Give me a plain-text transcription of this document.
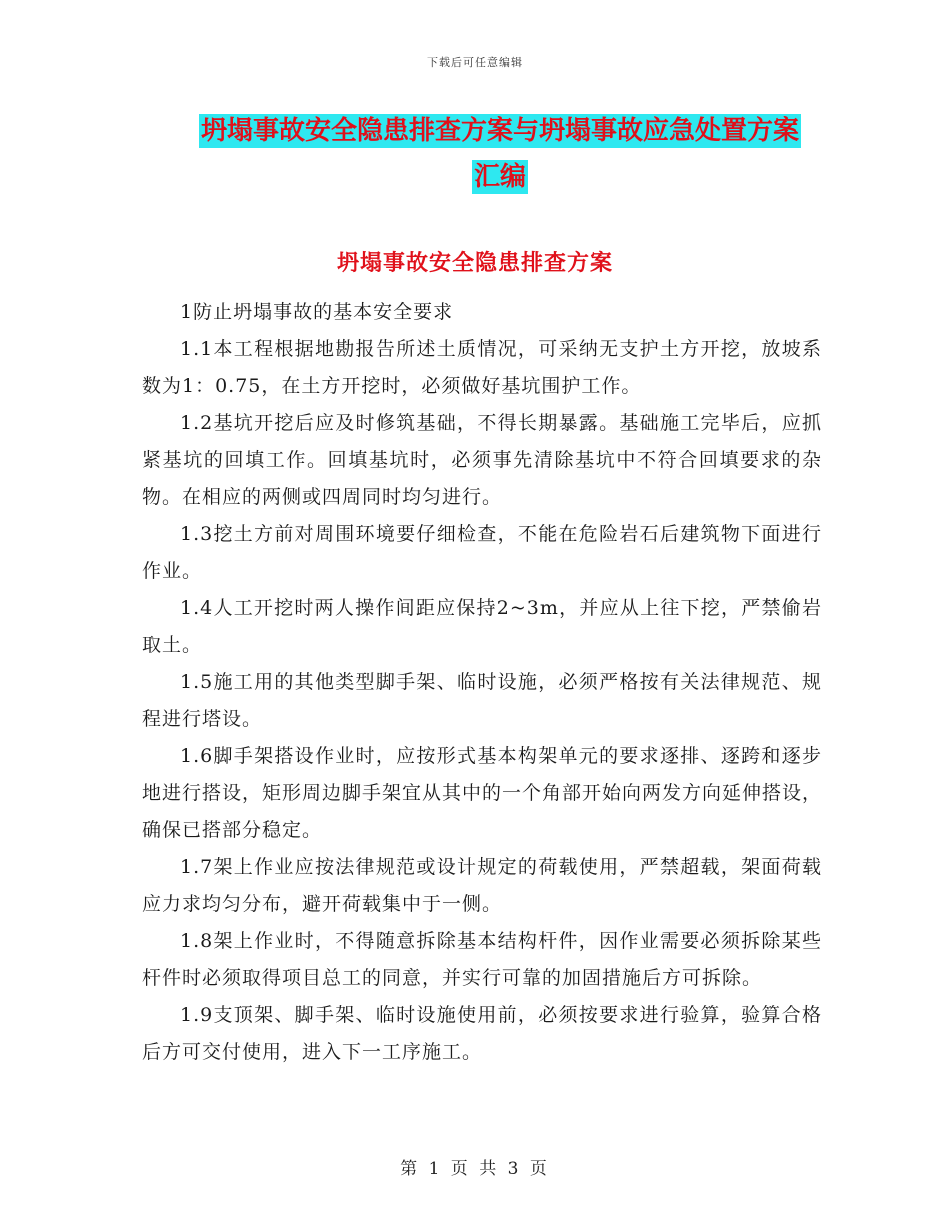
下载后可任意编辑
坍塌事故安全隐患排查方案与坍塌事故应急处置方案
汇编
坍塌事故安全隐患排查方案

1防止坍塌事故的基本安全要求

1.1本工程根据地勘报告所述土质情况，可采纳无支护土方开挖，放坡系数为1：0.75，在土方开挖时，必须做好基坑围护工作。

1.2基坑开挖后应及时修筑基础，不得长期暴露。基础施工完毕后，应抓紧基坑的回填工作。回填基坑时，必须事先清除基坑中不符合回填要求的杂物。在相应的两侧或四周同时均匀进行。

1.3挖土方前对周围环境要仔细检查，不能在危险岩石后建筑物下面进行作业。

1.4人工开挖时两人操作间距应保持2~3m，并应从上往下挖，严禁偷岩取土。

1.5施工用的其他类型脚手架、临时设施，必须严格按有关法律规范、规程进行塔设。

1.6脚手架搭设作业时，应按形式基本构架单元的要求逐排、逐跨和逐步地进行搭设，矩形周边脚手架宜从其中的一个角部开始向两发方向延伸搭设，确保已搭部分稳定。

1.7架上作业应按法律规范或设计规定的荷载使用，严禁超载，架面荷载应力求均匀分布，避开荷载集中于一侧。

1.8架上作业时，不得随意拆除基本结构杆件，因作业需要必须拆除某些杆件时必须取得项目总工的同意，并实行可靠的加固措施后方可拆除。

1.9支顶架、脚手架、临时设施使用前，必须按要求进行验算，验算合格后方可交付使用，进入下一工序施工。

第 1 页 共 3 页
